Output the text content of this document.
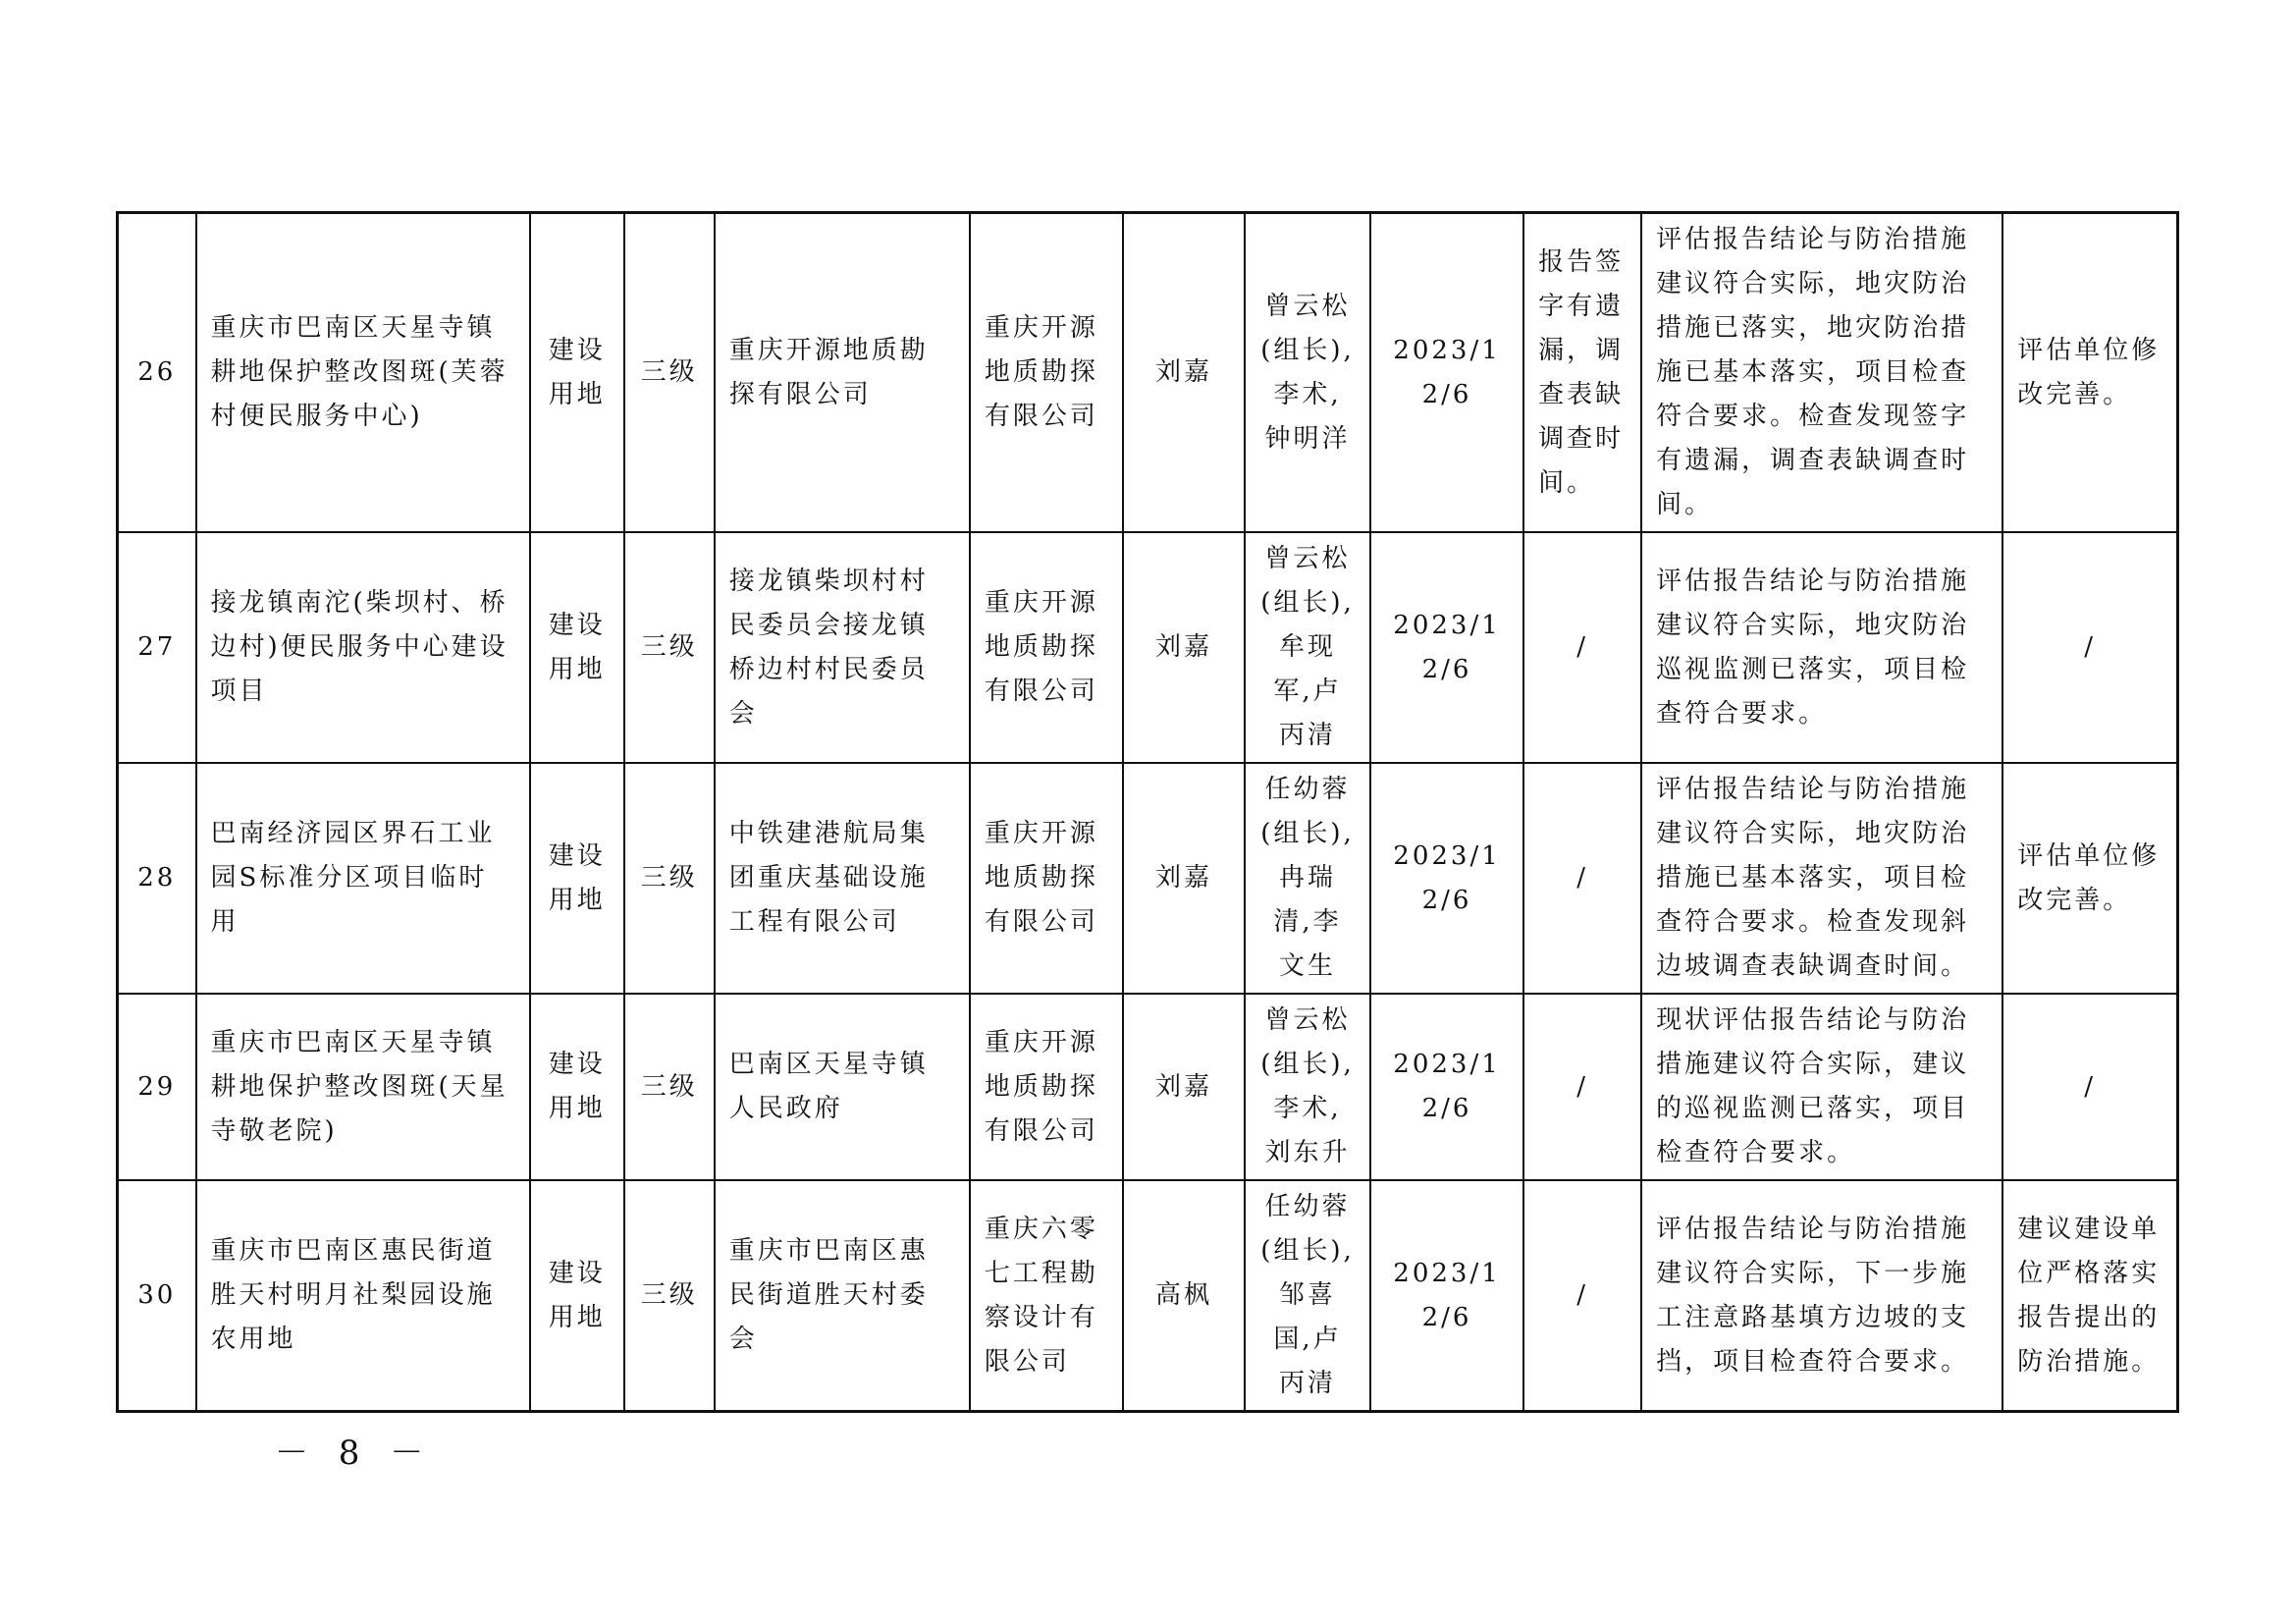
26	重庆市巴南区天星寺镇耕地保护整改图斑(芙蓉村便民服务中心)	建设用地	三级	重庆开源地质勘探有限公司	重庆开源地质勘探有限公司	刘嘉	曾云松(组长),李术,钟明洋	2023/12/6	报告签字有遗漏，调查表缺调查时间。	评估报告结论与防治措施建议符合实际，地灾防治措施已落实，地灾防治措施已基本落实，项目检查符合要求。检查发现签字有遗漏，调查表缺调查时间。	评估单位修改完善。
27	接龙镇南沱(柴坝村、桥边村)便民服务中心建设项目	建设用地	三级	接龙镇柴坝村村民委员会接龙镇桥边村村民委员会	重庆开源地质勘探有限公司	刘嘉	曾云松(组长),牟现军,卢丙清	2023/12/6	/	评估报告结论与防治措施建议符合实际，地灾防治巡视监测已落实，项目检查符合要求。	/
28	巴南经济园区界石工业园S标准分区项目临时用	建设用地	三级	中铁建港航局集团重庆基础设施工程有限公司	重庆开源地质勘探有限公司	刘嘉	任幼蓉(组长),冉瑞清,李文生	2023/12/6	/	评估报告结论与防治措施建议符合实际，地灾防治措施已基本落实，项目检查符合要求。检查发现斜边坡调查表缺调查时间。	评估单位修改完善。
29	重庆市巴南区天星寺镇耕地保护整改图斑(天星寺敬老院)	建设用地	三级	巴南区天星寺镇人民政府	重庆开源地质勘探有限公司	刘嘉	曾云松(组长),李术,刘东升	2023/12/6	/	现状评估报告结论与防治措施建议符合实际，建议的巡视监测已落实，项目检查符合要求。	/
30	重庆市巴南区惠民街道胜天村明月社梨园设施农用地	建设用地	三级	重庆市巴南区惠民街道胜天村委会	重庆六零七工程勘察设计有限公司	高枫	任幼蓉(组长),邹喜国,卢丙清	2023/12/6	/	评估报告结论与防治措施建议符合实际，下一步施工注意路基填方边坡的支挡，项目检查符合要求。	建议建设单位严格落实报告提出的防治措施。
－ 8 －
